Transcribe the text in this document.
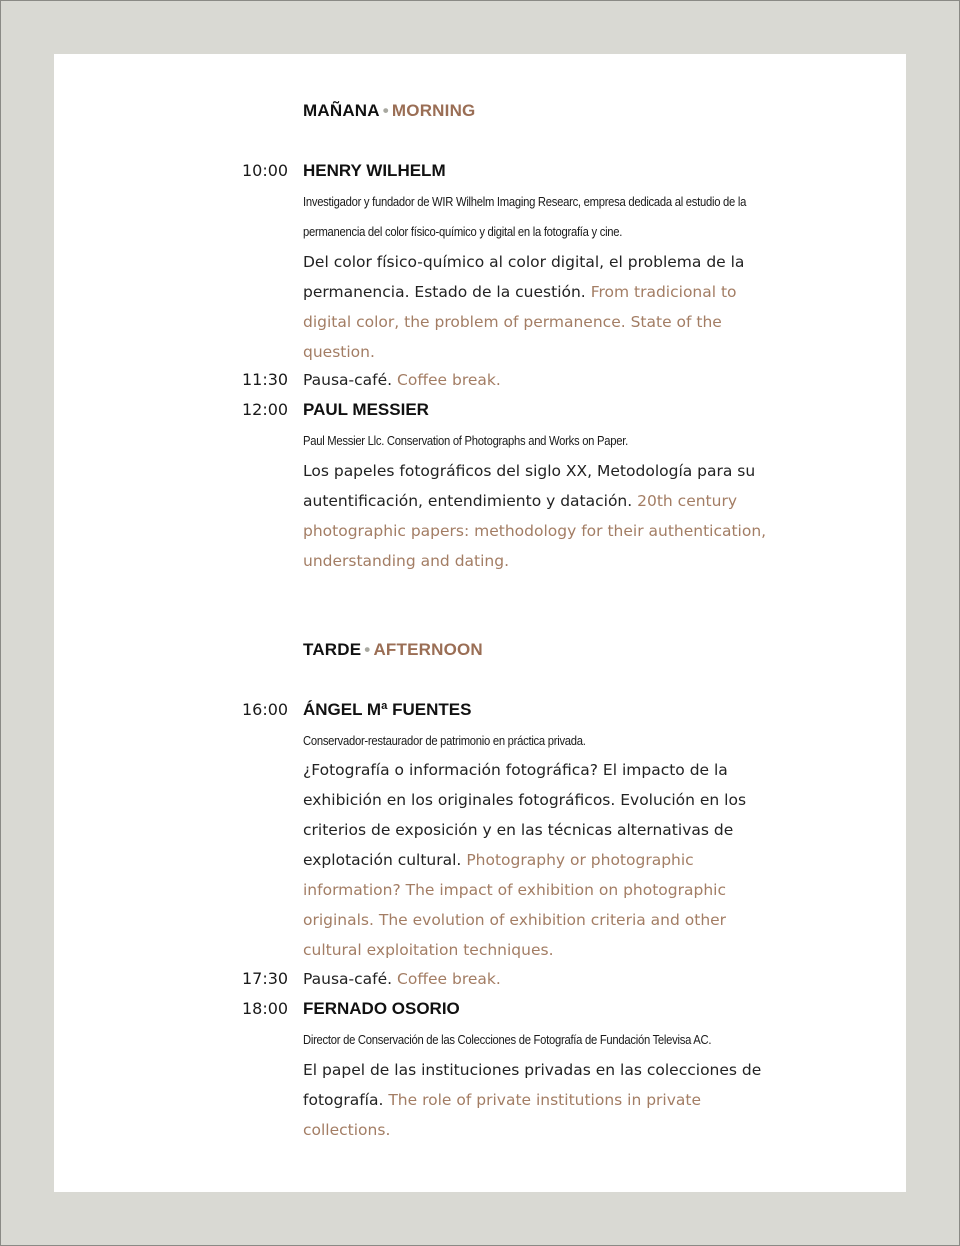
MAÑANA • MORNING
10:00 HENRY WILHELM
Investigador y fundador de WIR Wilhelm Imaging Researc, empresa dedicada al estudio de la permanencia del color físico-químico y digital en la fotografía y cine.
Del color físico-químico al color digital, el problema de la permanencia. Estado de la cuestión. From tradicional to digital color, the problem of permanence. State of the question.
11:30 Pausa-café. Coffee break.
12:00 PAUL MESSIER
Paul Messier Llc. Conservation of Photographs and Works on Paper.
Los papeles fotográficos del siglo XX, Metodología para su autentificación, entendimiento y datación. 20th century photographic papers: methodology for their authentication, understanding and dating.
TARDE • AFTERNOON
16:00 ÁNGEL Mª FUENTES
Conservador-restaurador de patrimonio en práctica privada.
¿Fotografía o información fotográfica? El impacto de la exhibición en los originales fotográficos. Evolución en los criterios de exposición y en las técnicas alternativas de explotación cultural. Photography or photographic information? The impact of exhibition on photographic originals. The evolution of exhibition criteria and other cultural exploitation techniques.
17:30 Pausa-café. Coffee break.
18:00 FERNADO OSORIO
Director de Conservación de las Colecciones de Fotografía de Fundación Televisa AC.
El papel de las instituciones privadas en las colecciones de fotografía. The role of private institutions in private collections.
